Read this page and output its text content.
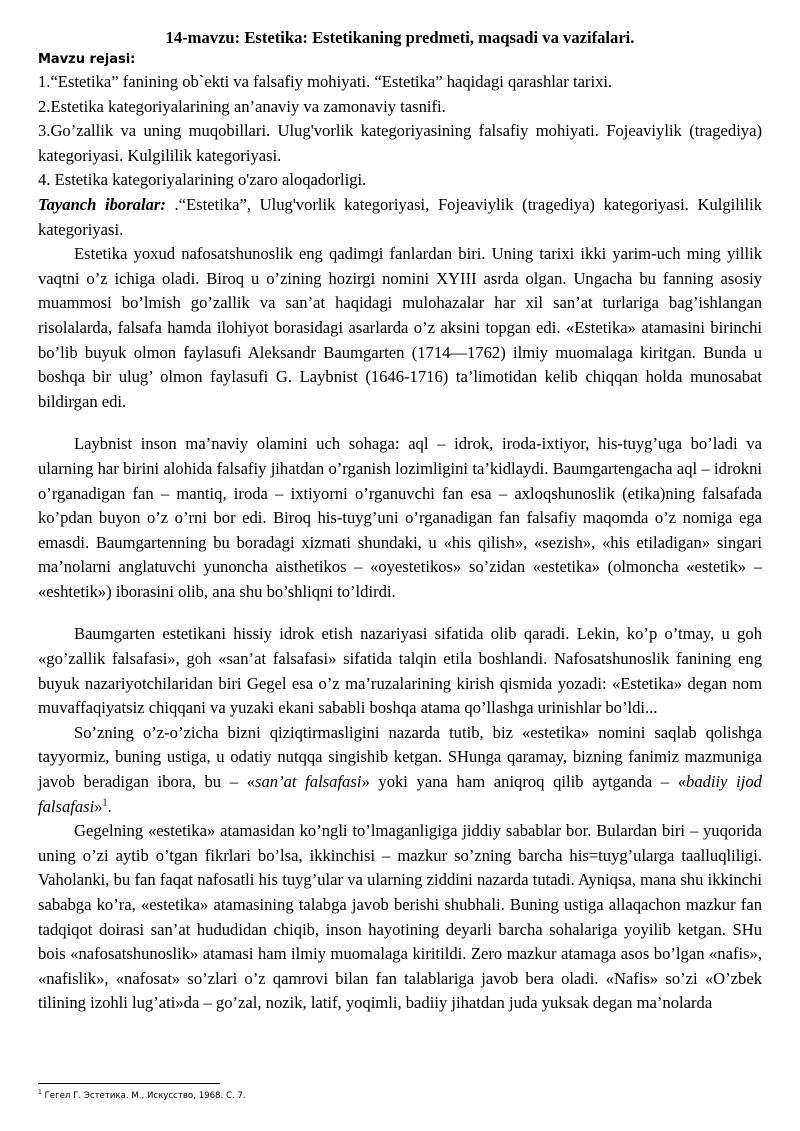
14-mavzu: Estetika: Estetikaning predmeti, maqsadi va vazifalari.
Mavzu rejasi:
1.“Estetika” fanining ob`ekti va falsafiy mohiyati. “Estetika” haqidagi qarashlar tarixi.
2.Estetika kategoriyalarining an’anaviy va zamonaviy tasnifi.
3.Go’zallik va uning muqobillari. Ulug'vorlik kategoriyasining falsafiy mohiyati. Fojeaviylik (tragediya) kategoriyasi. Kulgililik kategoriyasi.
4. Estetika kategoriyalarining o'zaro aloqadorligi.

Tayanch iboralar: .“Estetika”, Ulug'vorlik kategoriyasi, Fojeaviylik (tragediya) kategoriyasi. Kulgililik kategoriyasi.

Estetika yoxud nafosatshunoslik eng qadimgi fanlardan biri. Uning tarixi ikki yarim-uch ming yillik vaqtni o’z ichiga oladi. Biroq u o’zining hozirgi nomini XYIII asrda olgan. Ungacha bu fanning asosiy muammosi bo’lmish go’zallik va san’at haqidagi mulohazalar har xil san’at turlariga bag’ishlangan risolalarda, falsafa hamda ilohiyot borasidagi asarlarda o’z aksini topgan edi. «Estetika» atamasini birinchi bo’lib buyuk olmon faylasufi Aleksandr Baumgarten (1714—1762) ilmiy muomalaga kiritgan. Bunda u boshqa bir ulug’ olmon faylasufi G. Laybnist (1646-1716) ta’limotidan kelib chiqqan holda munosabat bildirgan edi.

Laybnist inson ma’naviy olamini uch sohaga: aql – idrok, iroda-ixtiyor, his-tuyg’uga bo’ladi va ularning har birini alohida falsafiy jihatdan o’rganish lozimligini ta’kidlaydi. Baumgartengacha aql – idrokni o’rganadigan fan – mantiq, iroda – ixtiyorni o’rganuvchi fan esa – axloqshunoslik (etika)ning falsafada ko’pdan buyon o’z o’rni bor edi. Biroq his-tuyg’uni o’rganadigan fan falsafiy maqomda o’z nomiga ega emasdi. Baumgartenning bu boradagi xizmati shundaki, u «his qilish», «sezish», «his etiladigan» singari ma’nolarni anglatuvchi yunoncha aisthetikos – «oyestetikos» so’zidan «estetika» (olmoncha «estetik» – «eshtetik») iborasini olib, ana shu bo’shliqni to’ldirdi.

Baumgarten estetikani hissiy idrok etish nazariyasi sifatida olib qaradi. Lekin, ko’p o’tmay, u goh «go’zallik falsafasi», goh «san’at falsafasi» sifatida talqin etila boshlandi. Nafosatshunoslik fanining eng buyuk nazariyotchilaridan biri Gegel esa o’z ma’ruzalarining kirish qismida yozadi: «Estetika» degan nom muvaffaqiyatsiz chiqqani va yuzaki ekani sababli boshqa atama qo’llashga urinishlar bo’ldi...

So’zning o’z-o’zicha bizni qiziqtirmasligini nazarda tutib, biz «estetika» nomini saqlab qolishga tayyormiz, buning ustiga, u odatiy nutqqa singishib ketgan. SHunga qaramay, bizning fanimiz mazmuniga javob beradigan ibora, bu – «san’at falsafasi» yoki yana ham aniqroq qilib aytganda – «badiiy ijod falsafasi»$^1$.

Gegelning «estetika» atamasidan ko’ngli to’lmaganligiga jiddiy sabablar bor. Bulardan biri – yuqorida uning o’zi aytib o’tgan fikrlari bo’lsa, ikkinchisi – mazkur so’zning barcha his=tuyg’ularga taalluqliligi. Vaholanki, bu fan faqat nafosatli his tuyg’ular va ularning ziddini nazarda tutadi. Ayniqsa, mana shu ikkinchi sababga ko’ra, «estetika» atamasining talabga javob berishi shubhali. Buning ustiga allaqachon mazkur fan tadqiqot doirasi san’at hududidan chiqib, inson hayotining deyarli barcha sohalariga yoyilib ketgan. SHu bois «nafosatshunoslik» atamasi ham ilmiy muomalaga kiritildi. Zero mazkur atamaga asos bo’lgan «nafis», «nafislik», «nafosat» so’zlari o’z qamrovi bilan fan talablariga javob bera oladi. «Nafis» so’zi «O’zbek tilining izohli lug’ati»da – go’zal, nozik, latif, yoqimli, badiiy jihatdan juda yuksak degan ma’nolarda

$^1$ Гегел Г. Эстетика. М., Искусство, 1968. С. 7.
